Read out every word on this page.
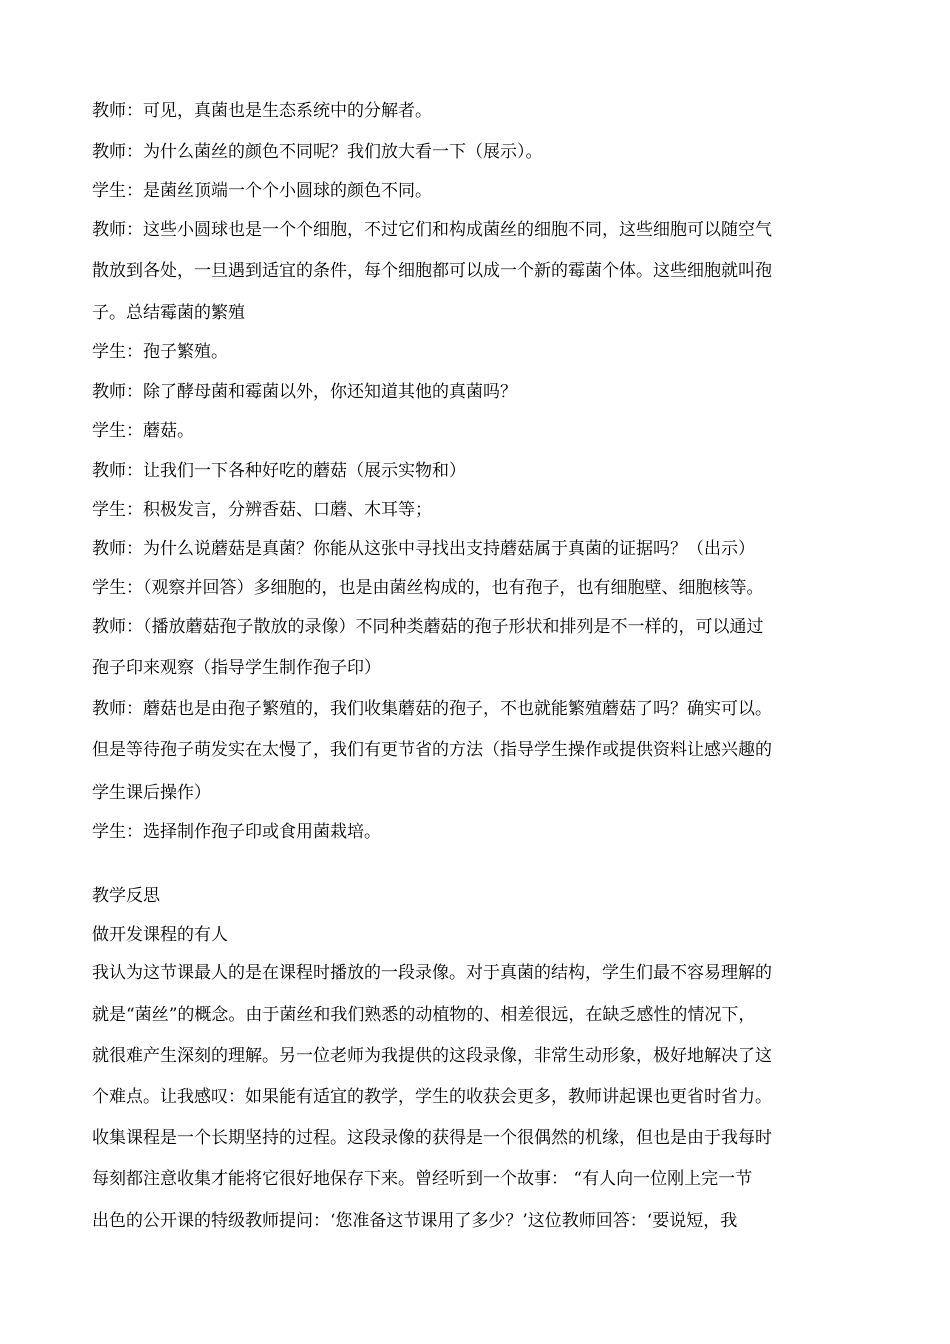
教师：可见，真菌也是生态系统中的分解者。
教师：为什么菌丝的颜色不同呢？我们放大看一下（展示）。
学生：是菌丝顶端一个个小圆球的颜色不同。
教师：这些小圆球也是一个个细胞，不过它们和构成菌丝的细胞不同，这些细胞可以随空气
散放到各处，一旦遇到适宜的条件，每个细胞都可以成一个新的霉菌个体。这些细胞就叫孢
子。总结霉菌的繁殖
学生：孢子繁殖。
教师：除了酵母菌和霉菌以外，你还知道其他的真菌吗？
学生：蘑菇。
教师：让我们一下各种好吃的蘑菇（展示实物和）
学生：积极发言，分辨香菇、口蘑、木耳等；
教师：为什么说蘑菇是真菌？你能从这张中寻找出支持蘑菇属于真菌的证据吗？（出示）
学生：（观察并回答）多细胞的，也是由菌丝构成的，也有孢子，也有细胞壁、细胞核等。
教师：（播放蘑菇孢子散放的录像）不同种类蘑菇的孢子形状和排列是不一样的，可以通过
孢子印来观察（指导学生制作孢子印）
教师：蘑菇也是由孢子繁殖的，我们收集蘑菇的孢子，不也就能繁殖蘑菇了吗？确实可以。
但是等待孢子萌发实在太慢了，我们有更节省的方法（指导学生操作或提供资料让感兴趣的
学生课后操作）
学生：选择制作孢子印或食用菌栽培。
教学反思
做开发课程的有人
我认为这节课最人的是在课程时播放的一段录像。对于真菌的结构，学生们最不容易理解的
就是“菌丝”的概念。由于菌丝和我们熟悉的动植物的、相差很远，在缺乏感性的情况下，
就很难产生深刻的理解。另一位老师为我提供的这段录像，非常生动形象，极好地解决了这
个难点。让我感叹：如果能有适宜的教学，学生的收获会更多，教师讲起课也更省时省力。
收集课程是一个长期坚持的过程。这段录像的获得是一个很偶然的机缘，但也是由于我每时
每刻都注意收集才能将它很好地保存下来。曾经听到一个故事： “有人向一位刚上完一节
出色的公开课的特级教师提问：‘您准备这节课用了多少？’这位教师回答：‘要说短，我
